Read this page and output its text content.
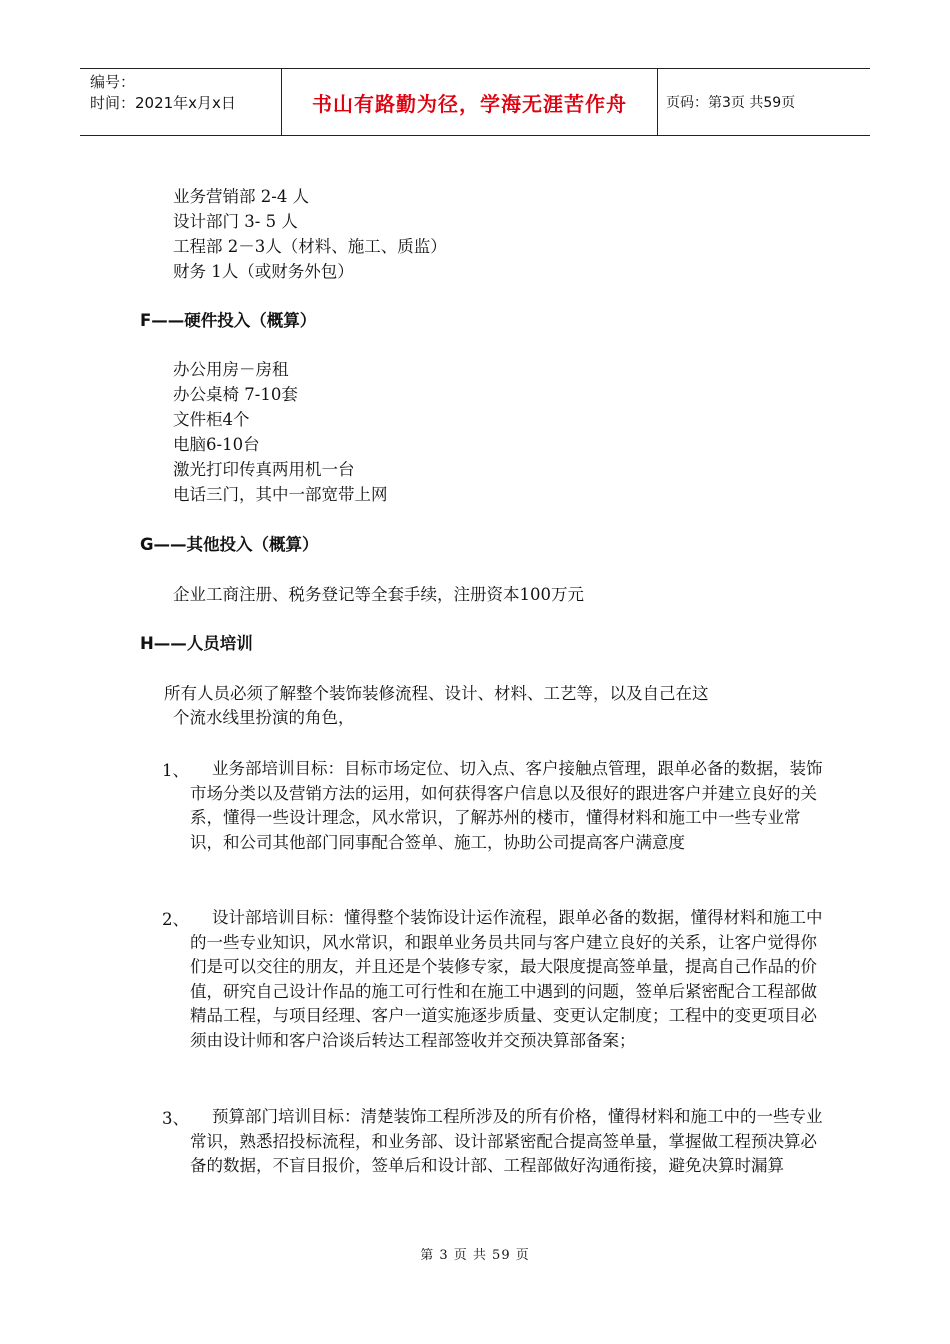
编号：
时间：2021年x月x日	书山有路勤为径，学海无涯苦作舟	页码：第3页 共59页
业务营销部 2-4 人
设计部门 3- 5 人
工程部 2－3人（材料、施工、质监）
财务 1人（或财务外包）
F——硬件投入（概算）
办公用房－房租
办公桌椅 7-10套
文件柜4个
电脑6-10台
激光打印传真两用机一台
电话三门，其中一部宽带上网
G——其他投入（概算）
企业工商注册、税务登记等全套手续，注册资本100万元
H——人员培训
所有人员必须了解整个装饰装修流程、设计、材料、工艺等，以及自己在这
个流水线里扮演的角色，
1、	业务部培训目标：目标市场定位、切入点、客户接触点管理，跟单必备的数据，装饰市场分类以及营销方法的运用，如何获得客户信息以及很好的跟进客户并建立良好的关系，懂得一些设计理念，风水常识，了解苏州的楼市，懂得材料和施工中一些专业常识，和公司其他部门同事配合签单、施工，协助公司提高客户满意度
2、	设计部培训目标：懂得整个装饰设计运作流程，跟单必备的数据，懂得材料和施工中的一些专业知识，风水常识，和跟单业务员共同与客户建立良好的关系，让客户觉得你们是可以交往的朋友，并且还是个装修专家，最大限度提高签单量，提高自己作品的价值，研究自己设计作品的施工可行性和在施工中遇到的问题，签单后紧密配合工程部做精品工程，与项目经理、客户一道实施逐步质量、变更认定制度；工程中的变更项目必须由设计师和客户洽谈后转达工程部签收并交预决算部备案；
3、	预算部门培训目标：清楚装饰工程所涉及的所有价格，懂得材料和施工中的一些专业常识，熟悉招投标流程，和业务部、设计部紧密配合提高签单量，掌握做工程预决算必备的数据，不盲目报价，签单后和设计部、工程部做好沟通衔接，避免决算时漏算
第 3 页 共 59 页
